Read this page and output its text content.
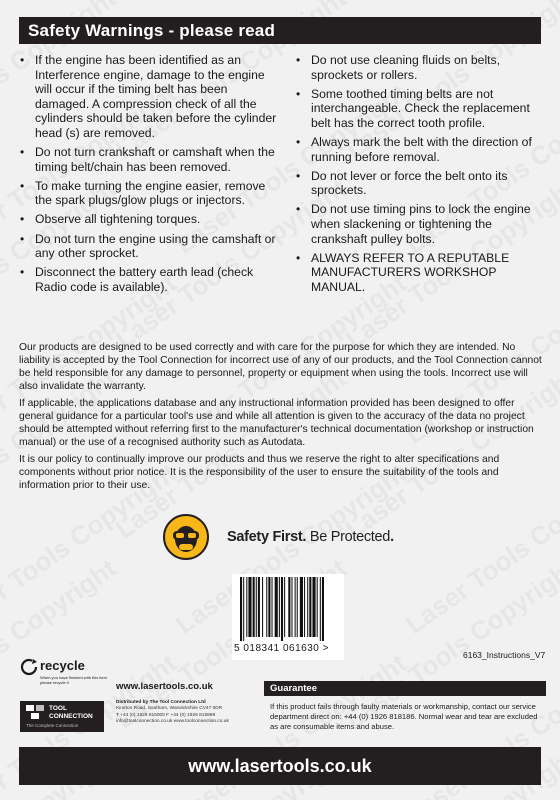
Safety Warnings - please read
• If the engine has been identified as an Interference engine, damage to the engine will occur if the timing belt has been damaged. A compression check of all the cylinders should be taken before the cylinder head (s) are removed.
• Do not turn crankshaft or camshaft when the timing belt/chain has been removed.
• To make turning the engine easier, remove the spark plugs/glow plugs or injectors.
• Observe all tightening torques.
• Do not turn the engine using the camshaft or any other sprocket.
• Disconnect the battery earth lead (check Radio code is available).
• Do not use cleaning fluids on belts, sprockets or rollers.
• Some toothed timing belts are not interchangeable. Check the replacement belt has the correct tooth profile.
• Always mark the belt with the direction of running before removal.
• Do not lever or force the belt onto its sprockets.
• Do not use timing pins to lock the engine when slackening or tightening the crankshaft pulley bolts.
• ALWAYS REFER TO A REPUTABLE MANUFACTURERS WORKSHOP MANUAL.

Our products are designed to be used correctly and with care for the purpose for which they are intended. No liability is accepted by the Tool Connection for incorrect use of any of our products, and the Tool Connection cannot be held responsible for any damage to personnel, property or equipment when using the tools. Incorrect use will also invalidate the warranty.

If applicable, the applications database and any instructional information provided has been designed to offer general guidance for a particular tool's use and while all attention is given to the accuracy of the data no project should be attempted without referring first to the manufacturer's technical documentation (workshop or instruction manual) or the use of a recognised authority such as Autodata.

It is our policy to continually improve our products and thus we reserve the right to alter specifications and components without prior notice. It is the responsibility of the user to ensure the suitability of the tools and information prior to their use.

Safety First. Be Protected.
5 018341 061630 >
6163_Instructions_V7
recycle
When you have finished with this item please recycle it	www.lasertools.co.uk
TOOL
CONNECTION
The Complete Connection
Distributed by The Tool Connection Ltd
Kineton Road, Southam, Warwickshire CV47 0DR
T +44 (0) 1926 815000 F +44 (0) 1926 815888
info@toolconnection.co.uk www.toolconnection.co.uk
Guarantee
If this product fails through faulty materials or workmanship, contact our service department direct on: +44 (0) 1926 818186. Normal wear and tear are excluded as are consumable items and abuse.
www.lasertools.co.uk
